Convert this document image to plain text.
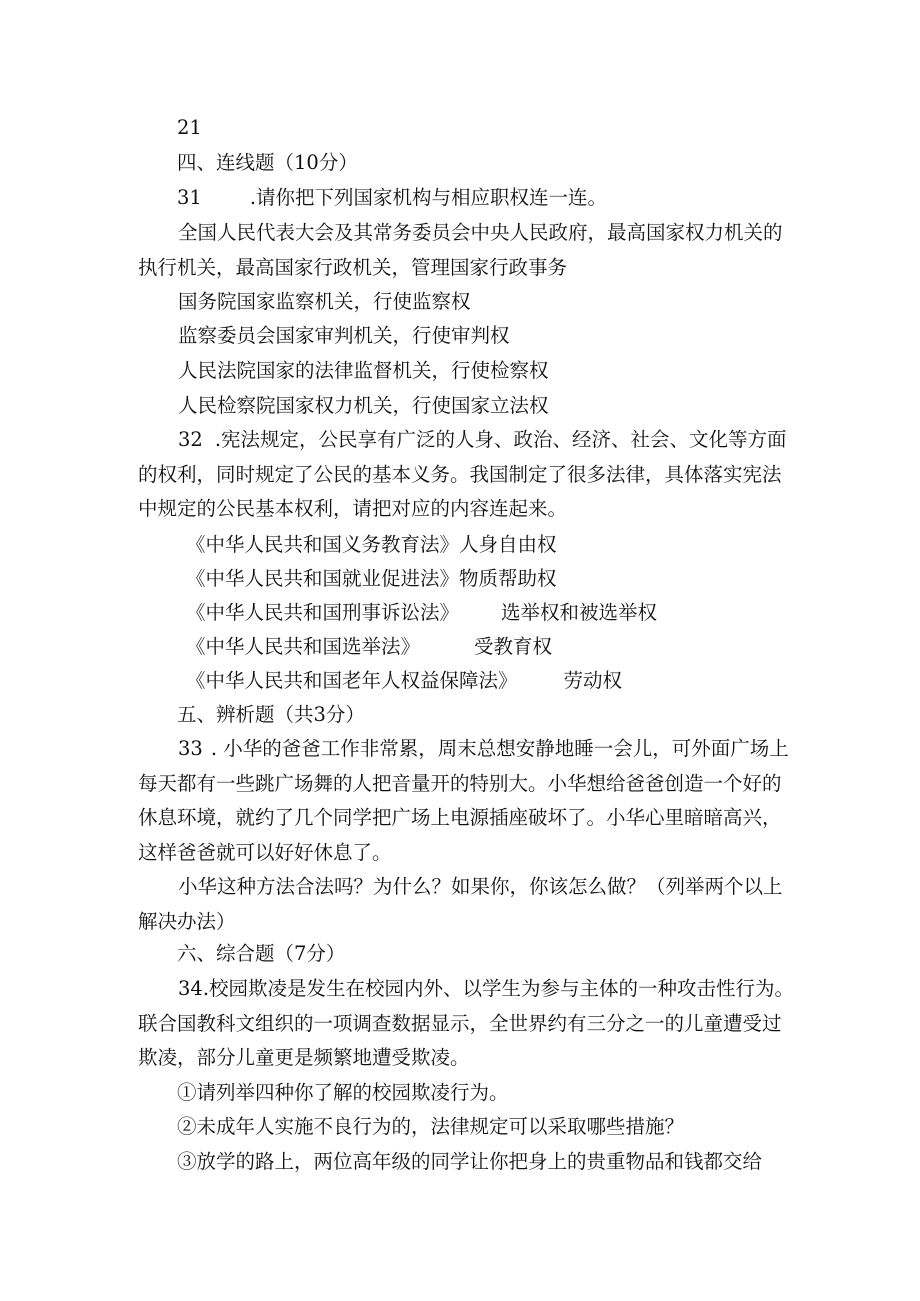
21

四、连线题（10分）

31 .请你把下列国家机构与相应职权连一连。

全国人民代表大会及其常务委员会中央人民政府，最高国家权力机关的执行机关，最高国家行政机关，管理国家行政事务

国务院国家监察机关，行使监察权

监察委员会国家审判机关，行使审判权

人民法院国家的法律监督机关，行使检察权

人民检察院国家权力机关，行使国家立法权

32 .宪法规定，公民享有广泛的人身、政治、经济、社会、文化等方面的权利，同时规定了公民的基本义务。我国制定了很多法律，具体落实宪法中规定的公民基本权利，请把对应的内容连起来。

《中华人民共和国义务教育法》人身自由权

《中华人民共和国就业促进法》物质帮助权

《中华人民共和国刑事诉讼法》 选举权和被选举权

《中华人民共和国选举法》	受教育权

《中华人民共和国老年人权益保障法》 劳动权

五、辨析题（共3分）

33 . 小华的爸爸工作非常累，周末总想安静地睡一会儿，可外面广场上每天都有一些跳广场舞的人把音量开的特别大。小华想给爸爸创造一个好的休息环境，就约了几个同学把广场上电源插座破坏了。小华心里暗暗高兴，这样爸爸就可以好好休息了。

小华这种方法合法吗？为什么？如果你，你该怎么做？（列举两个以上解决办法）

六、综合题（7分）

34.校园欺凌是发生在校园内外、以学生为参与主体的一种攻击性行为。联合国教科文组织的一项调查数据显示，全世界约有三分之一的儿童遭受过欺凌，部分儿童更是频繁地遭受欺凌。

①请列举四种你了解的校园欺凌行为。

②未成年人实施不良行为的，法律规定可以采取哪些措施？

③放学的路上，两位高年级的同学让你把身上的贵重物品和钱都交给
